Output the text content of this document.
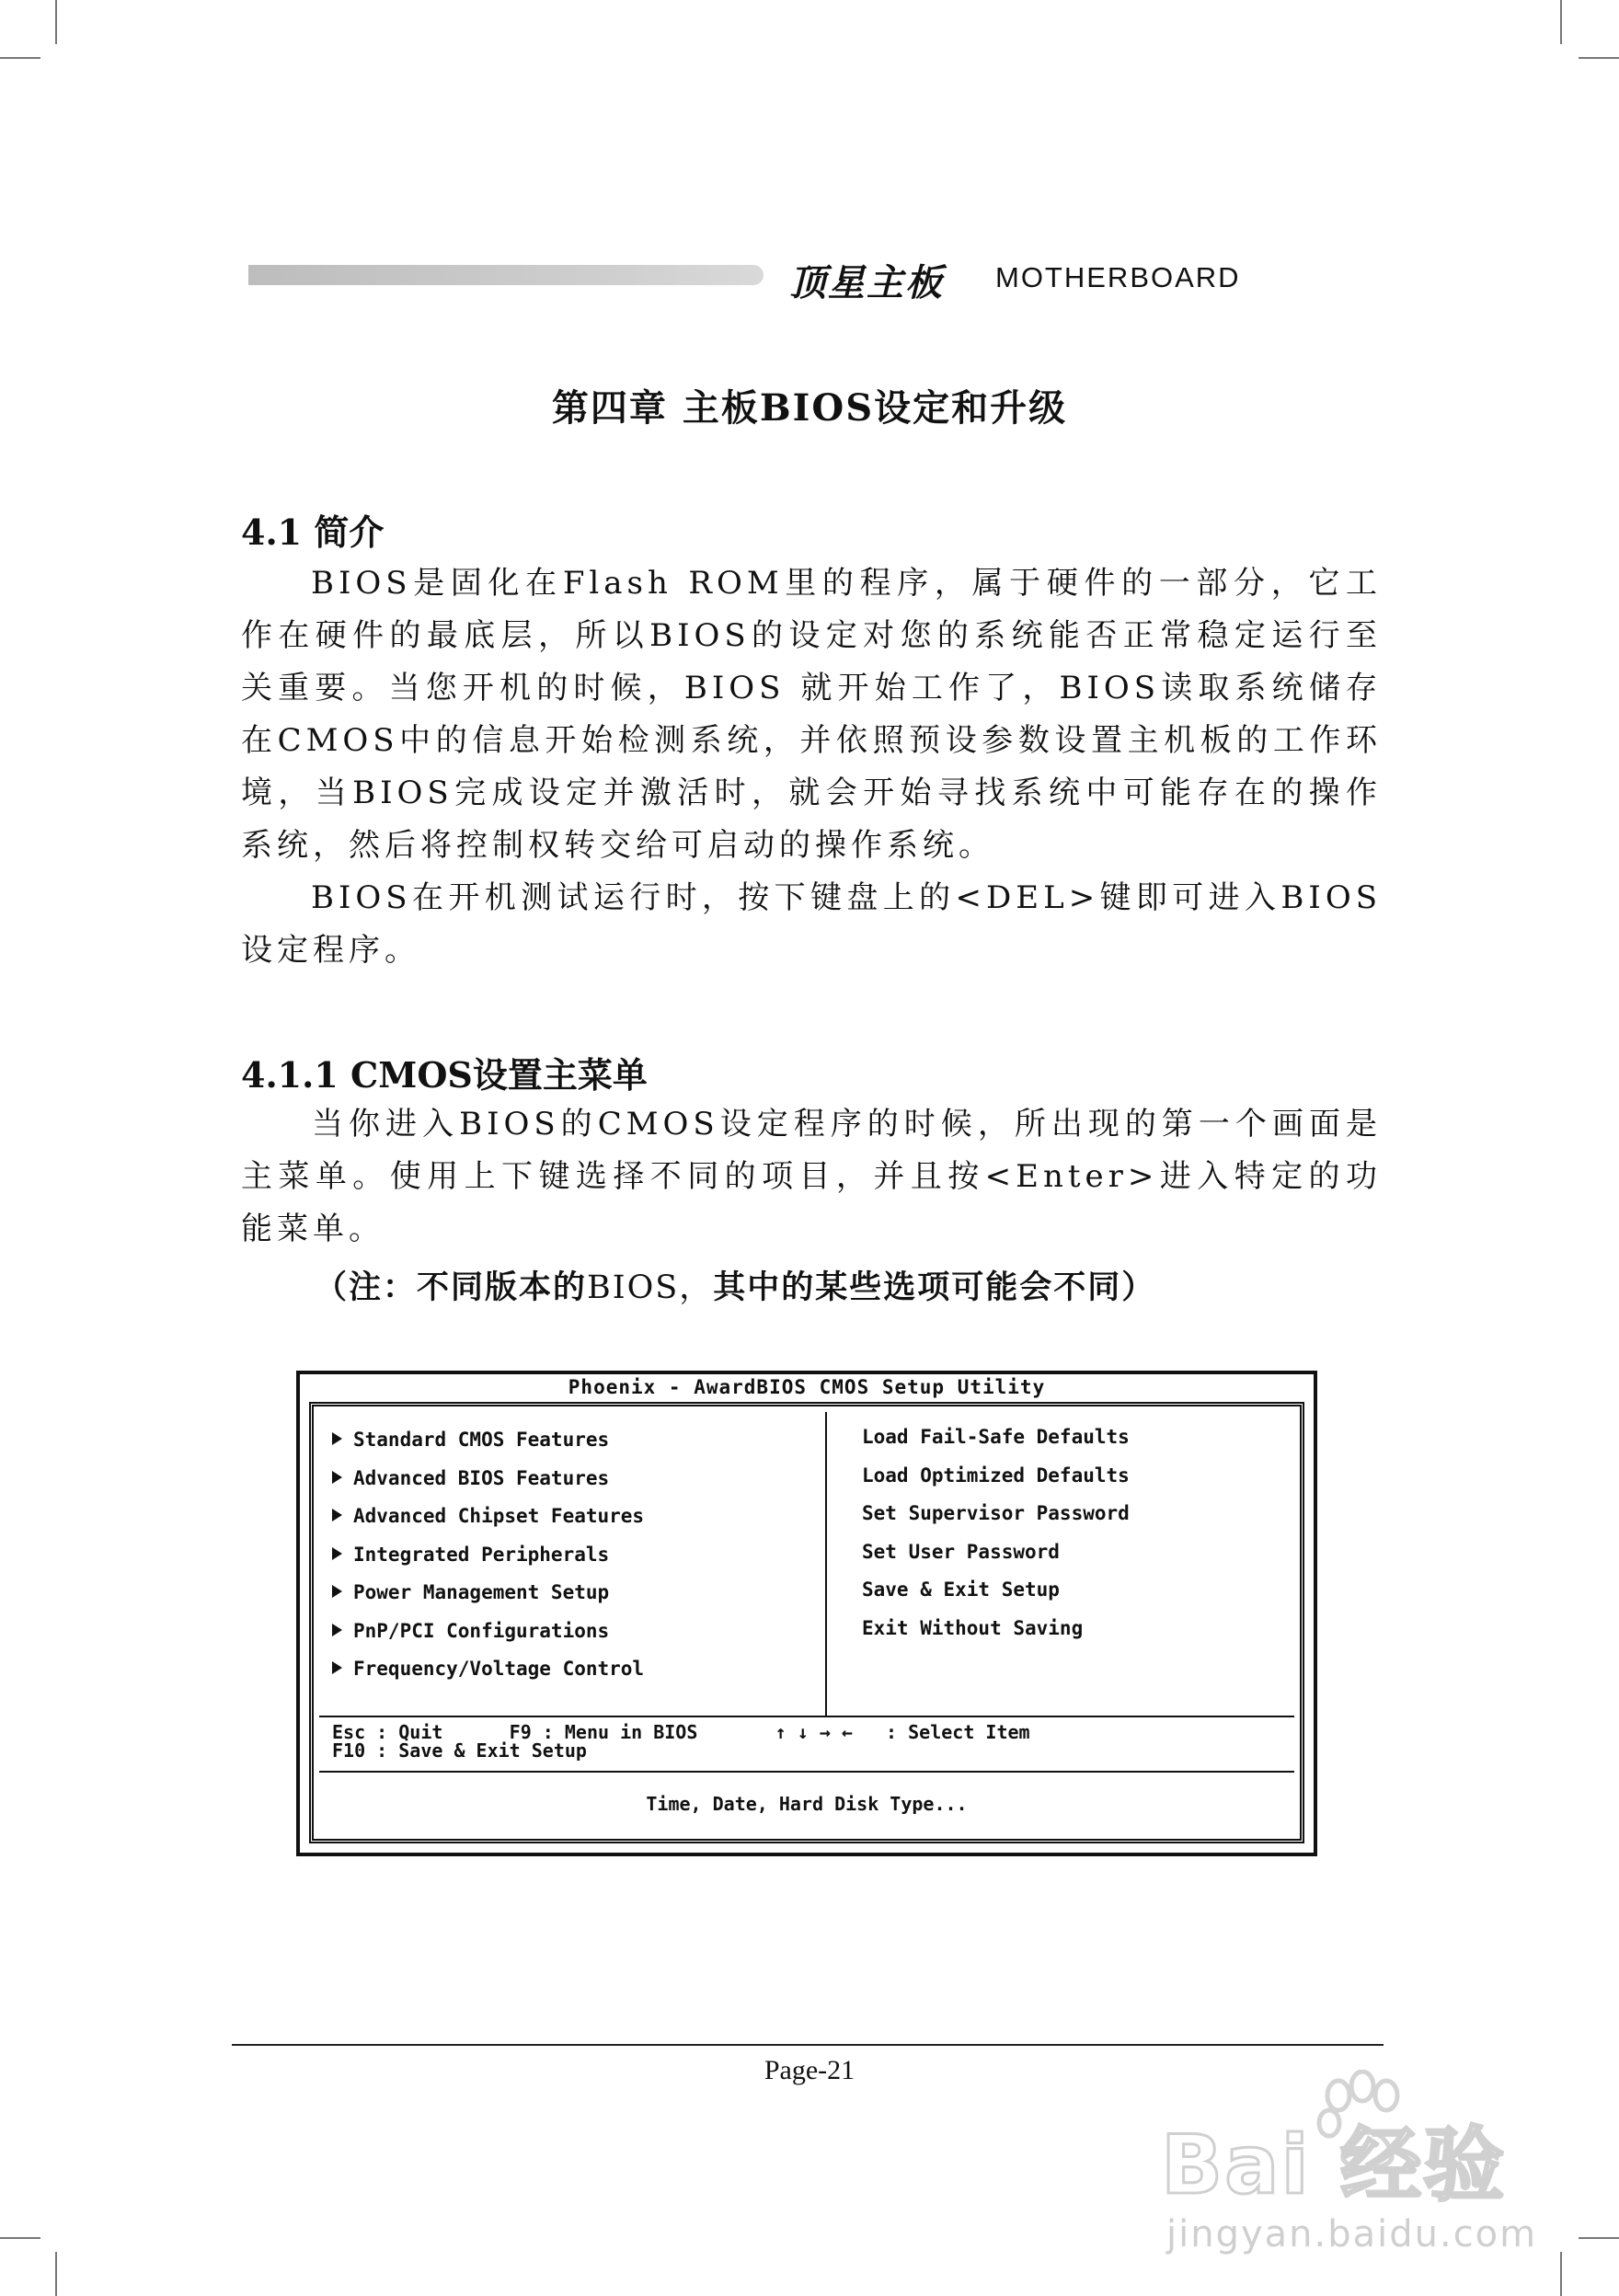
顶星主板 MOTHERBOARD
第四章 主板BIOS设定和升级
4.1 简介

BIOS是固化在Flash ROM里的程序，属于硬件的一部分，它工作在硬件的最底层，所以BIOS的设定对您的系统能否正常稳定运行至关重要。当您开机的时候，BIOS 就开始工作了，BIOS读取系统储存在CMOS中的信息开始检测系统，并依照预设参数设置主机板的工作环境，当BIOS完成设定并激活时，就会开始寻找系统中可能存在的操作系统，然后将控制权转交给可启动的操作系统。

BIOS在开机测试运行时，按下键盘上的<DEL>键即可进入BIOS设定程序。

4.1.1 CMOS设置主菜单

当你进入BIOS的CMOS设定程序的时候，所出现的第一个画面是主菜单。使用上下键选择不同的项目，并且按<Enter>进入特定的功能菜单。

（注：不同版本的BIOS，其中的某些选项可能会不同）
Phoenix - AwardBIOS CMOS Setup Utility
Standard CMOS Features
Advanced BIOS Features
Advanced Chipset Features
Integrated Peripherals
Power Management Setup
PnP/PCI Configurations
Frequency/Voltage Control
Load Fail-Safe Defaults
Load Optimized Defaults
Set Supervisor Password
Set User Password
Save & Exit Setup
Exit Without Saving
Esc : Quit      F9 : Menu in BIOS       ↑ ↓ → ←   : Select Item
F10 : Save & Exit Setup
Time, Date, Hard Disk Type...
Page-21
Bai 经验
jingyan.baidu.com
